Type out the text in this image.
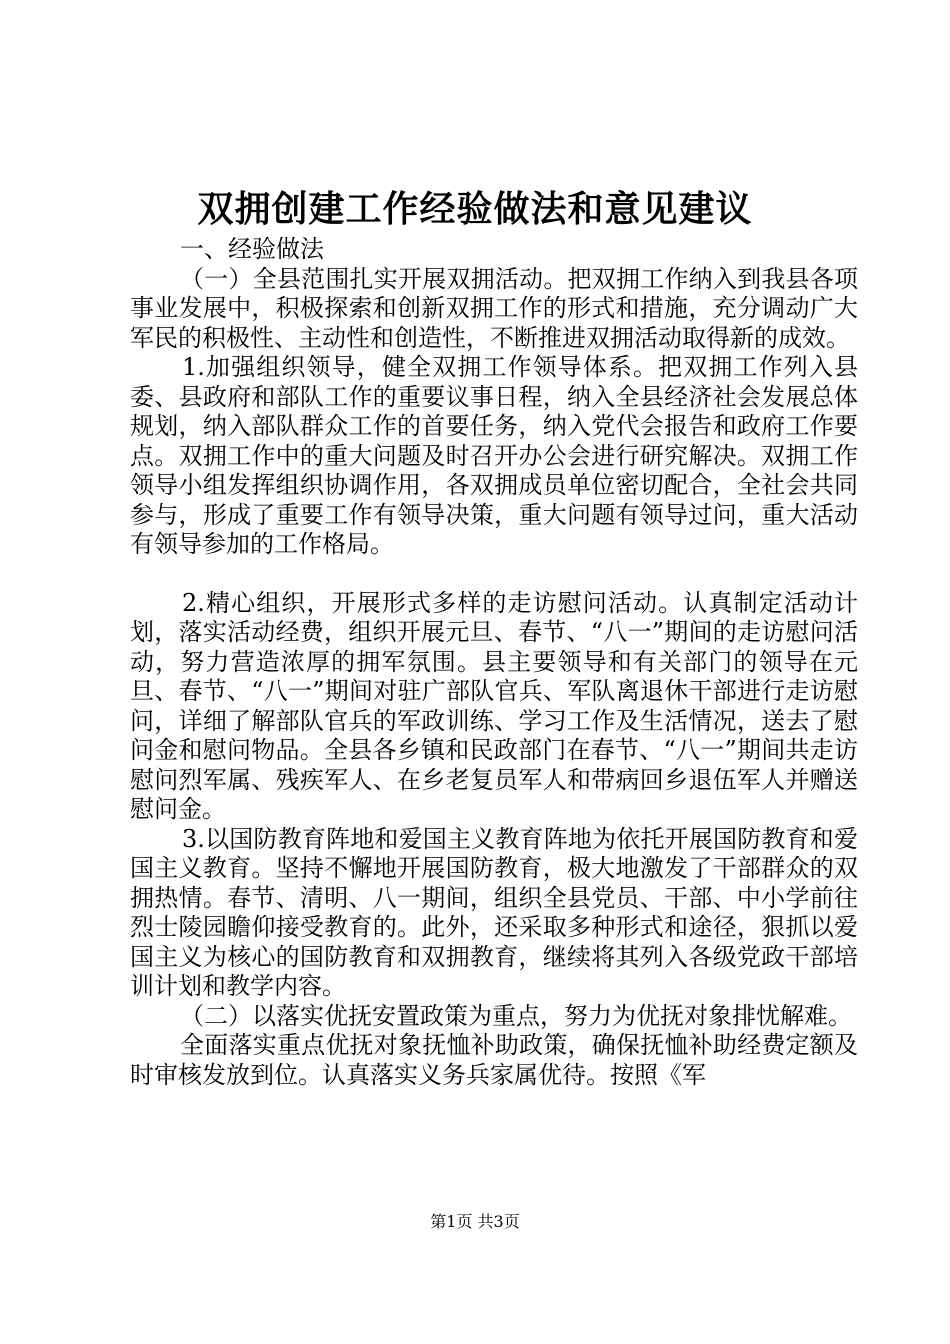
双拥创建工作经验做法和意见建议

一、经验做法

（一）全县范围扎实开展双拥活动。把双拥工作纳入到我县各项事业发展中，积极探索和创新双拥工作的形式和措施，充分调动广大军民的积极性、主动性和创造性，不断推进双拥活动取得新的成效。

1.加强组织领导，健全双拥工作领导体系。把双拥工作列入县委、县政府和部队工作的重要议事日程，纳入全县经济社会发展总体规划，纳入部队群众工作的首要任务，纳入党代会报告和政府工作要点。双拥工作中的重大问题及时召开办公会进行研究解决。双拥工作领导小组发挥组织协调作用，各双拥成员单位密切配合，全社会共同参与，形成了重要工作有领导决策，重大问题有领导过问，重大活动有领导参加的工作格局。

2.精心组织，开展形式多样的走访慰问活动。认真制定活动计划，落实活动经费，组织开展元旦、春节、“八一”期间的走访慰问活动，努力营造浓厚的拥军氛围。县主要领导和有关部门的领导在元旦、春节、“八一”期间对驻广部队官兵、军队离退休干部进行走访慰问，详细了解部队官兵的军政训练、学习工作及生活情况，送去了慰问金和慰问物品。全县各乡镇和民政部门在春节、“八一”期间共走访慰问烈军属、残疾军人、在乡老复员军人和带病回乡退伍军人并赠送慰问金。

3.以国防教育阵地和爱国主义教育阵地为依托开展国防教育和爱国主义教育。坚持不懈地开展国防教育，极大地激发了干部群众的双拥热情。春节、清明、八一期间，组织全县党员、干部、中小学前往烈士陵园瞻仰接受教育的。此外，还采取多种形式和途径，狠抓以爱国主义为核心的国防教育和双拥教育，继续将其列入各级党政干部培训计划和教学内容。

（二）以落实优抚安置政策为重点，努力为优抚对象排忧解难。

全面落实重点优抚对象抚恤补助政策，确保抚恤补助经费定额及时审核发放到位。认真落实义务兵家属优待。按照《军

第1页 共3页
